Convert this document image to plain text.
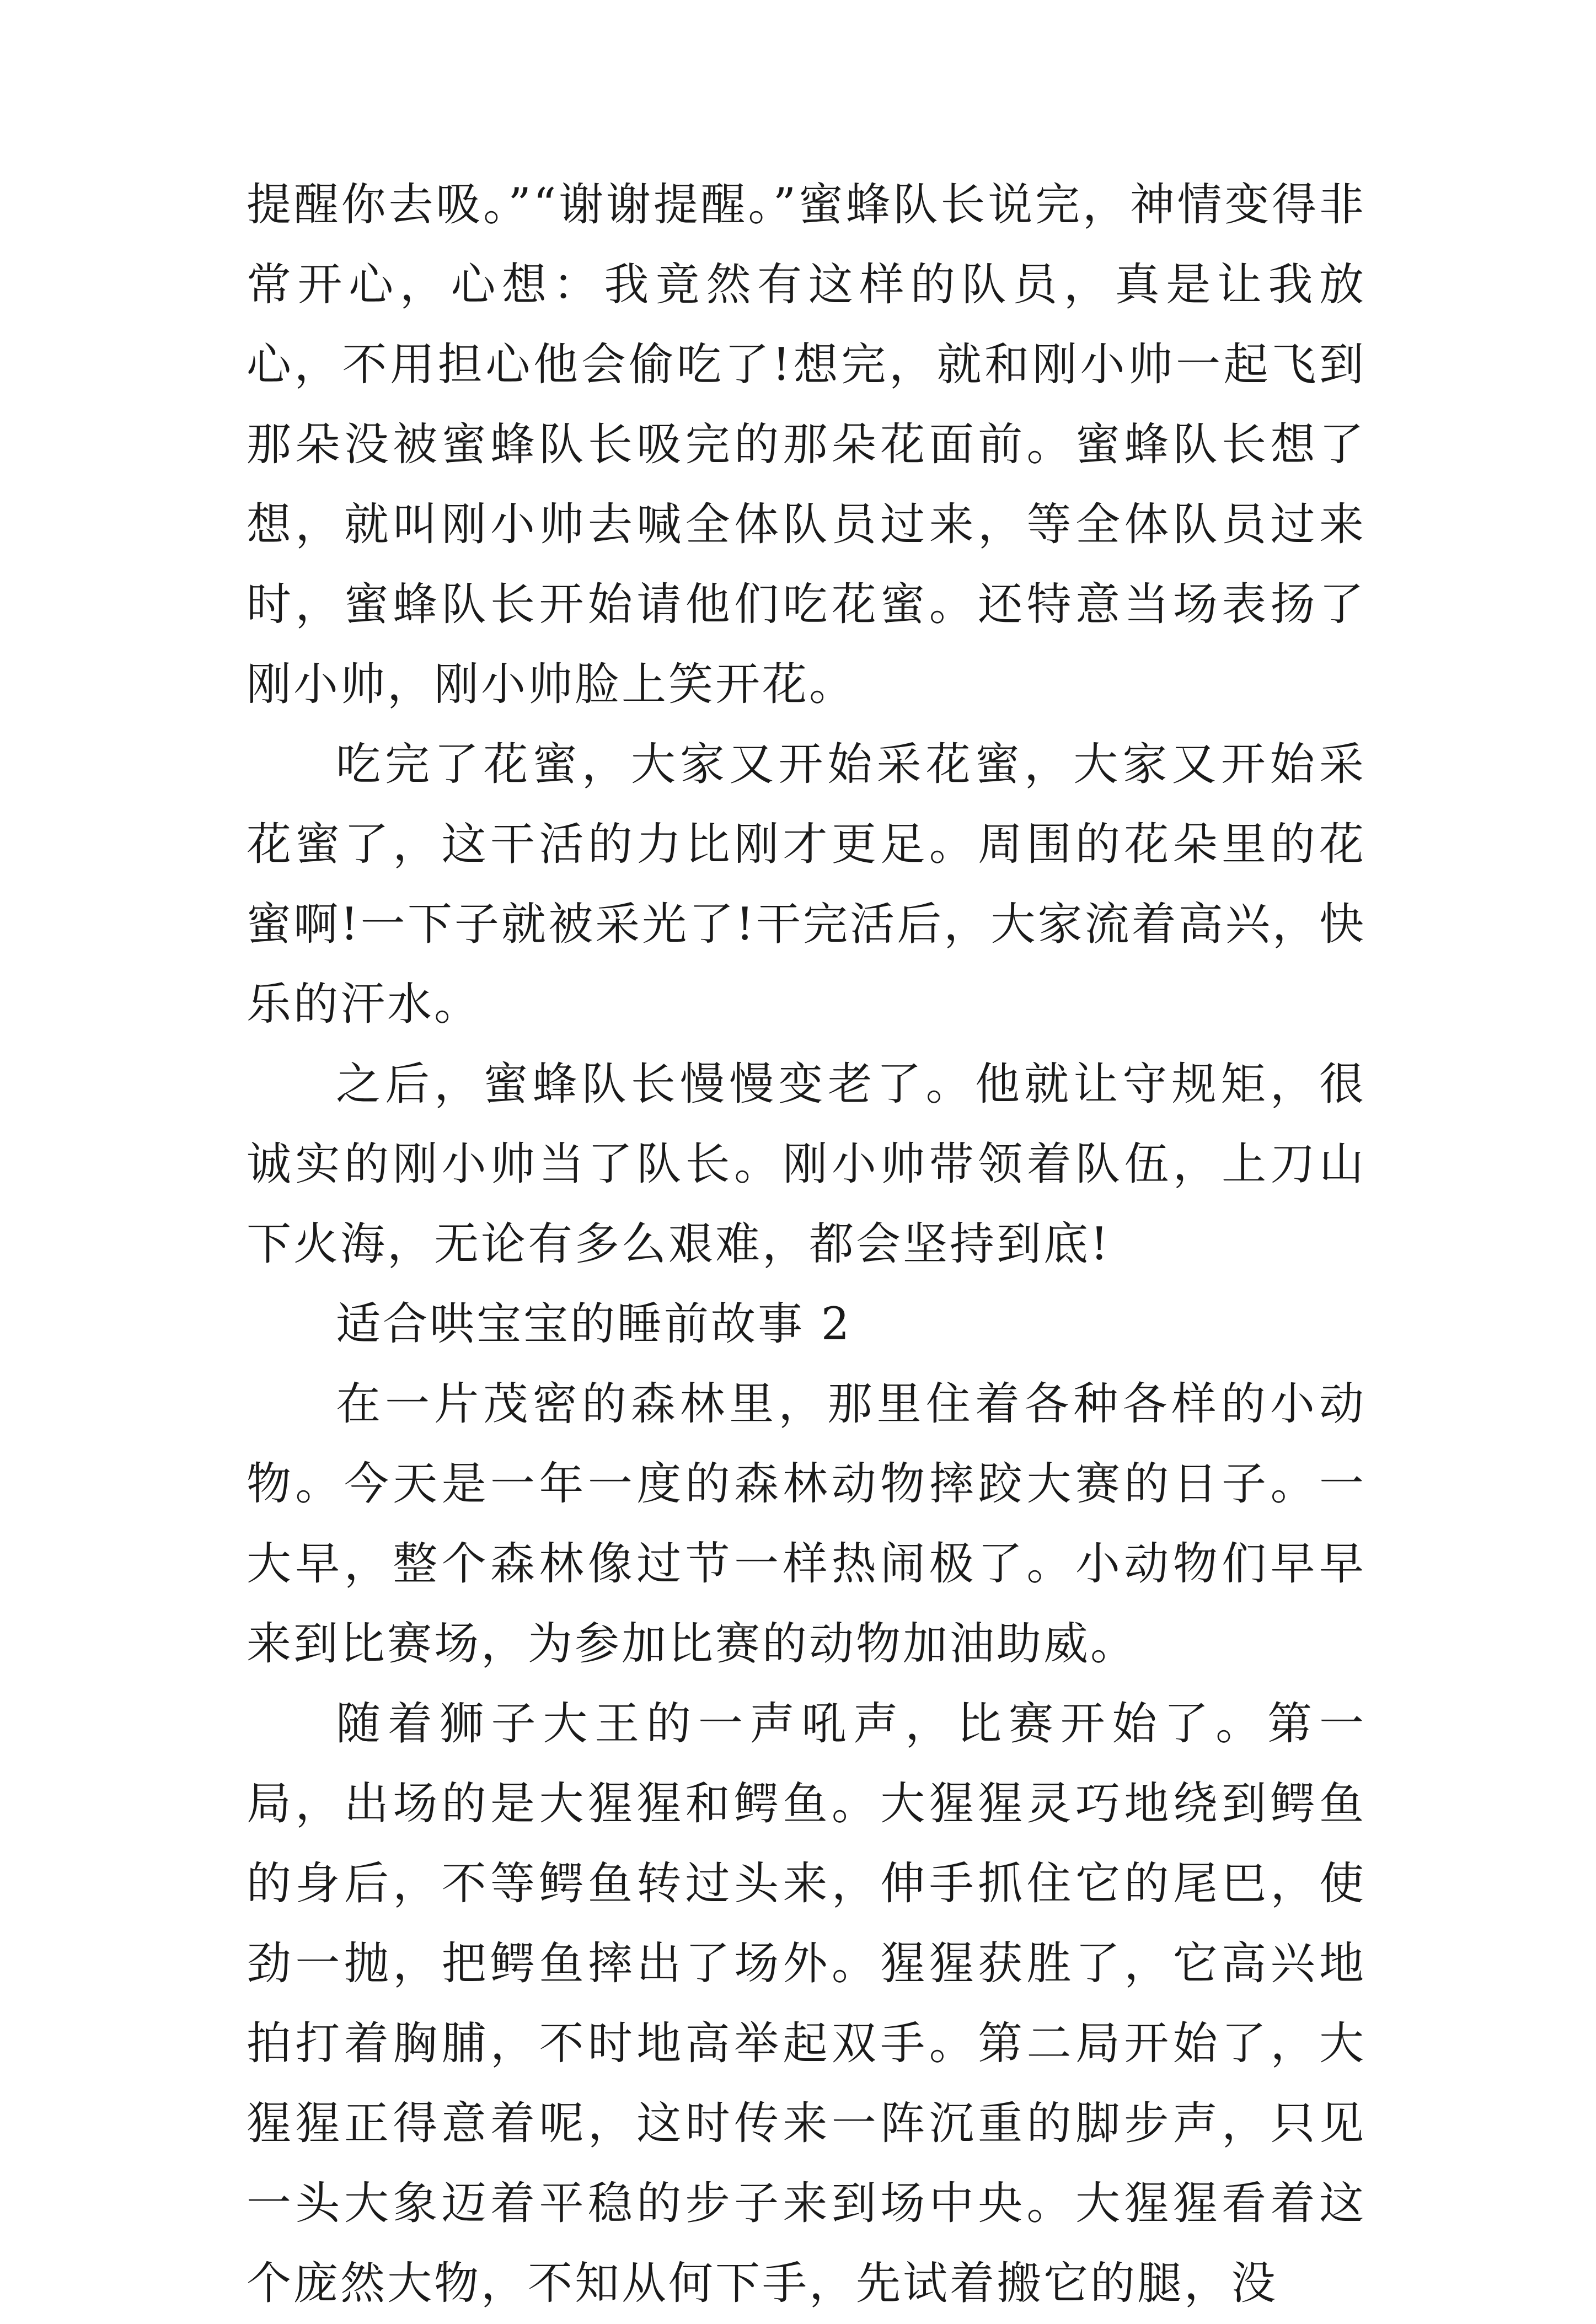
提醒你去吸。”“谢谢提醒。”蜜蜂队长说完，神情变得非常开心，心想：我竟然有这样的队员，真是让我放心，不用担心他会偷吃了!想完，就和刚小帅一起飞到那朵没被蜜蜂队长吸完的那朵花面前。蜜蜂队长想了想，就叫刚小帅去喊全体队员过来，等全体队员过来时，蜜蜂队长开始请他们吃花蜜。还特意当场表扬了刚小帅，刚小帅脸上笑开花。

吃完了花蜜，大家又开始采花蜜，大家又开始采花蜜了，这干活的力比刚才更足。周围的花朵里的花蜜啊!一下子就被采光了!干完活后，大家流着高兴，快乐的汗水。

之后，蜜蜂队长慢慢变老了。他就让守规矩，很诚实的刚小帅当了队长。刚小帅带领着队伍，上刀山下火海，无论有多么艰难，都会坚持到底!

适合哄宝宝的睡前故事 2

在一片茂密的森林里，那里住着各种各样的小动物。今天是一年一度的森林动物摔跤大赛的日子。一大早，整个森林像过节一样热闹极了。小动物们早早来到比赛场，为参加比赛的动物加油助威。

随着狮子大王的一声吼声，比赛开始了。第一局，出场的是大猩猩和鳄鱼。大猩猩灵巧地绕到鳄鱼的身后，不等鳄鱼转过头来，伸手抓住它的尾巴，使劲一抛，把鳄鱼摔出了场外。猩猩获胜了，它高兴地拍打着胸脯，不时地高举起双手。第二局开始了，大猩猩正得意着呢，这时传来一阵沉重的脚步声，只见一头大象迈着平稳的步子来到场中央。大猩猩看着这个庞然大物，不知从何下手，先试着搬它的腿，没
